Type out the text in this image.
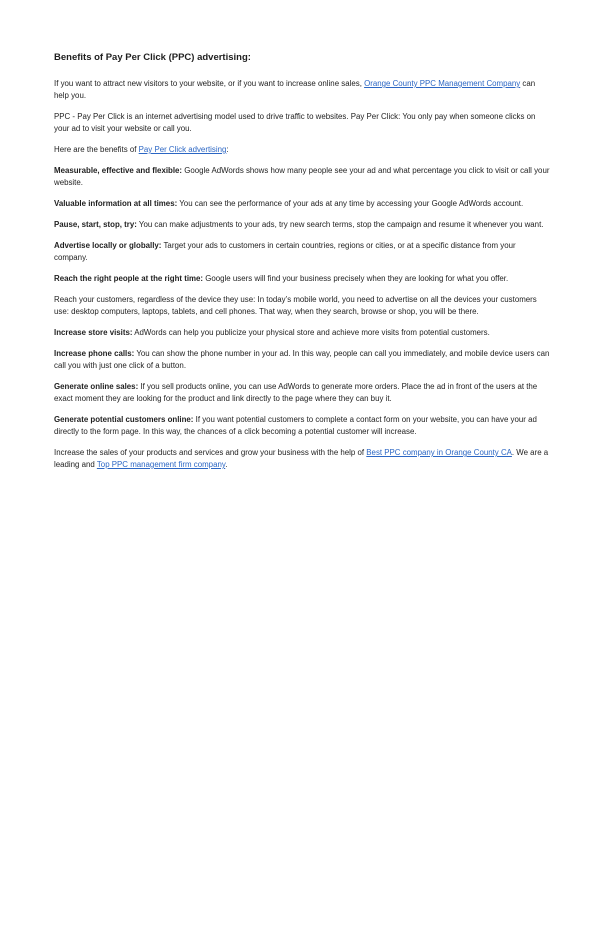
Benefits of Pay Per Click (PPC) advertising:

If you want to attract new visitors to your website, or if you want to increase online sales, Orange County PPC Management Company can help you.

PPC - Pay Per Click is an internet advertising model used to drive traffic to websites. Pay Per Click: You only pay when someone clicks on your ad to visit your website or call you.

Here are the benefits of Pay Per Click advertising:

Measurable, effective and flexible: Google AdWords shows how many people see your ad and what percentage you click to visit or call your website.

Valuable information at all times: You can see the performance of your ads at any time by accessing your Google AdWords account.

Pause, start, stop, try: You can make adjustments to your ads, try new search terms, stop the campaign and resume it whenever you want.

Advertise locally or globally: Target your ads to customers in certain countries, regions or cities, or at a specific distance from your company.

Reach the right people at the right time: Google users will find your business precisely when they are looking for what you offer.

Reach your customers, regardless of the device they use: In today’s mobile world, you need to advertise on all the devices your customers use: desktop computers, laptops, tablets, and cell phones. That way, when they search, browse or shop, you will be there.

Increase store visits: AdWords can help you publicize your physical store and achieve more visits from potential customers.

Increase phone calls: You can show the phone number in your ad. In this way, people can call you immediately, and mobile device users can call you with just one click of a button.

Generate online sales: If you sell products online, you can use AdWords to generate more orders. Place the ad in front of the users at the exact moment they are looking for the product and link directly to the page where they can buy it.

Generate potential customers online: If you want potential customers to complete a contact form on your website, you can have your ad directly to the form page. In this way, the chances of a click becoming a potential customer will increase.

Increase the sales of your products and services and grow your business with the help of Best PPC company in Orange County CA. We are a leading and Top PPC management firm company.
